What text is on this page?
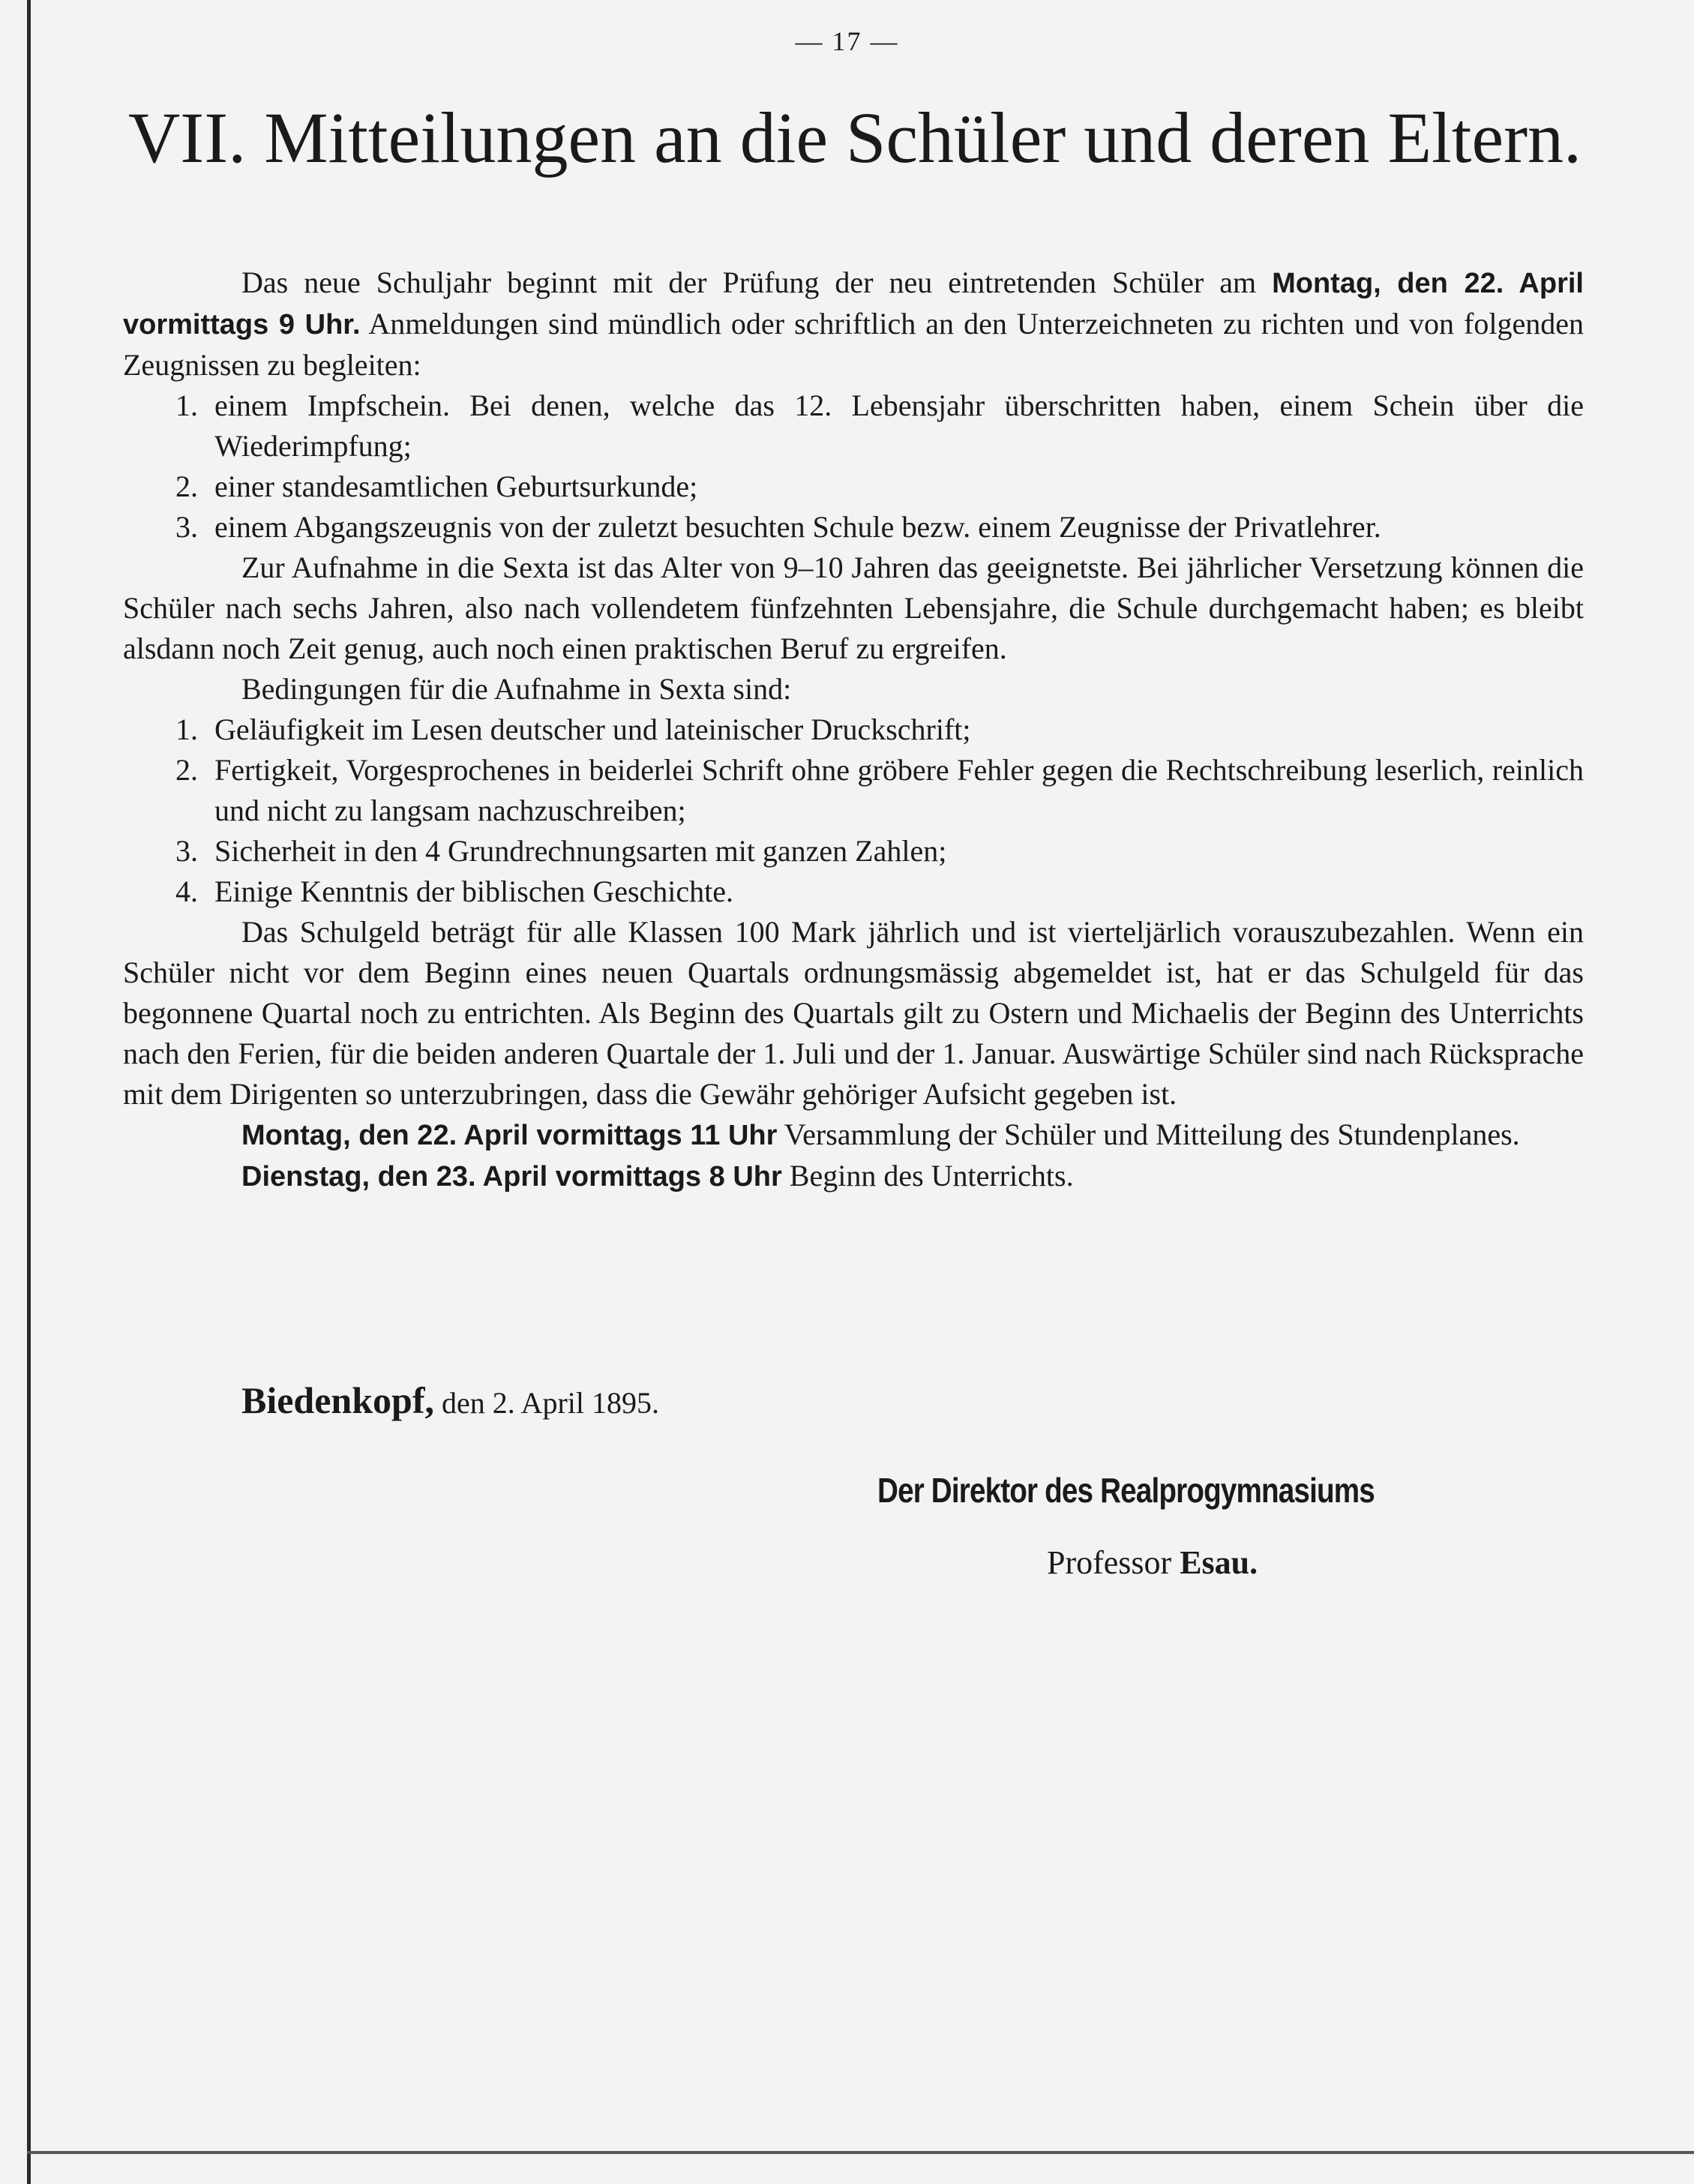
— 17 —
VII. Mitteilungen an die Schüler und deren Eltern.

Das neue Schuljahr beginnt mit der Prüfung der neu eintretenden Schüler am Montag, den 22. April vormittags 9 Uhr. Anmeldungen sind mündlich oder schriftlich an den Unterzeichneten zu richten und von folgenden Zeugnissen zu begleiten:

1. einem Impfschein. Bei denen, welche das 12. Lebensjahr überschritten haben, einem Schein über die Wiederimpfung;
2. einer standesamtlichen Geburtsurkunde;
3. einem Abgangszeugnis von der zuletzt besuchten Schule bezw. einem Zeugnisse der Privatlehrer.

Zur Aufnahme in die Sexta ist das Alter von 9–10 Jahren das geeignetste. Bei jährlicher Versetzung können die Schüler nach sechs Jahren, also nach vollendetem fünfzehnten Lebensjahre, die Schule durchgemacht haben; es bleibt alsdann noch Zeit genug, auch noch einen praktischen Beruf zu ergreifen.

Bedingungen für die Aufnahme in Sexta sind:

1. Geläufigkeit im Lesen deutscher und lateinischer Druckschrift;
2. Fertigkeit, Vorgesprochenes in beiderlei Schrift ohne gröbere Fehler gegen die Rechtschreibung leserlich, reinlich und nicht zu langsam nachzuschreiben;
3. Sicherheit in den 4 Grundrechnungsarten mit ganzen Zahlen;
4. Einige Kenntnis der biblischen Geschichte.

Das Schulgeld beträgt für alle Klassen 100 Mark jährlich und ist vierteljärlich vorauszubezahlen. Wenn ein Schüler nicht vor dem Beginn eines neuen Quartals ordnungsmässig abgemeldet ist, hat er das Schulgeld für das begonnene Quartal noch zu entrichten. Als Beginn des Quartals gilt zu Ostern und Michaelis der Beginn des Unterrichts nach den Ferien, für die beiden anderen Quartale der 1. Juli und der 1. Januar. Auswärtige Schüler sind nach Rücksprache mit dem Dirigenten so unterzubringen, dass die Gewähr gehöriger Aufsicht gegeben ist.

Montag, den 22. April vormittags 11 Uhr Versammlung der Schüler und Mitteilung des Stundenplanes.

Dienstag, den 23. April vormittags 8 Uhr Beginn des Unterrichts.

Biedenkopf, den 2. April 1895.
Der Direktor des Realprogymnasiums
Professor Esau.
